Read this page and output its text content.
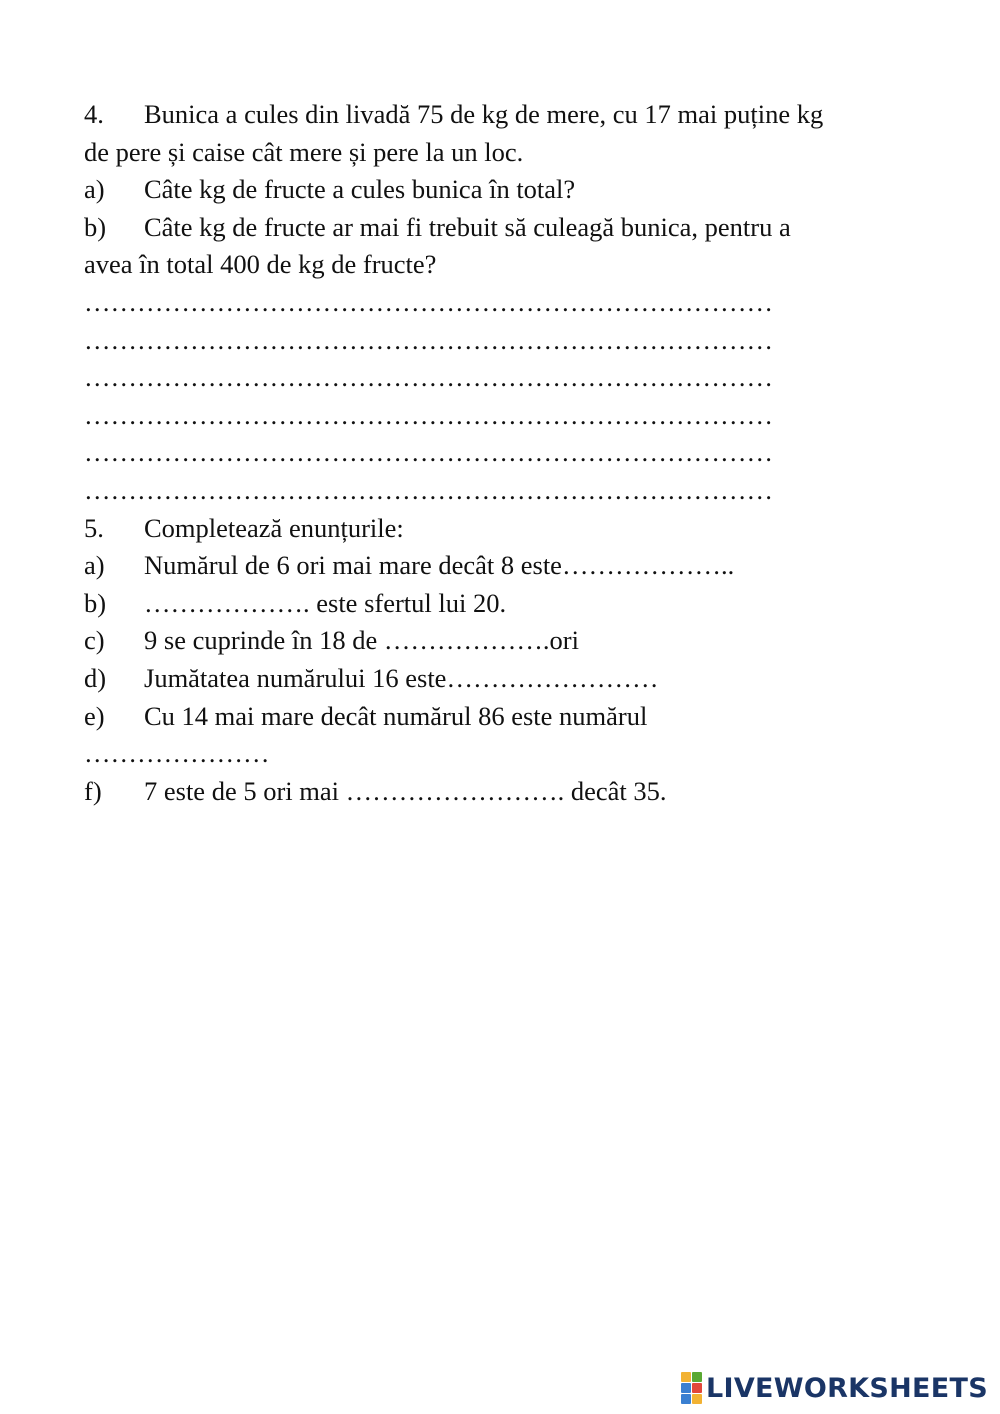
4. Bunica a cules din livadă 75 de kg de mere, cu 17 mai puține kg
de pere și caise cât mere și pere la un loc.
a) Câte kg de fructe a cules bunica în total?
b) Câte kg de fructe ar mai fi trebuit să culeagă bunica, pentru a
avea în total 400 de kg de fructe?
……………………………………………………………………
……………………………………………………………………
……………………………………………………………………
……………………………………………………………………
……………………………………………………………………
……………………………………………………………………
5. Completează enunțurile:
a) Numărul de 6 ori mai mare decât 8 este………………..
b) ………………. este sfertul lui 20.
c) 9 se cuprinde în 18 de ……………….ori
d) Jumătatea numărului 16 este……………………
e) Cu 14 mai mare decât numărul 86 este numărul
…………………
f) 7 este de 5 ori mai ……………………. decât 35.
LIVEWORKSHEETS
